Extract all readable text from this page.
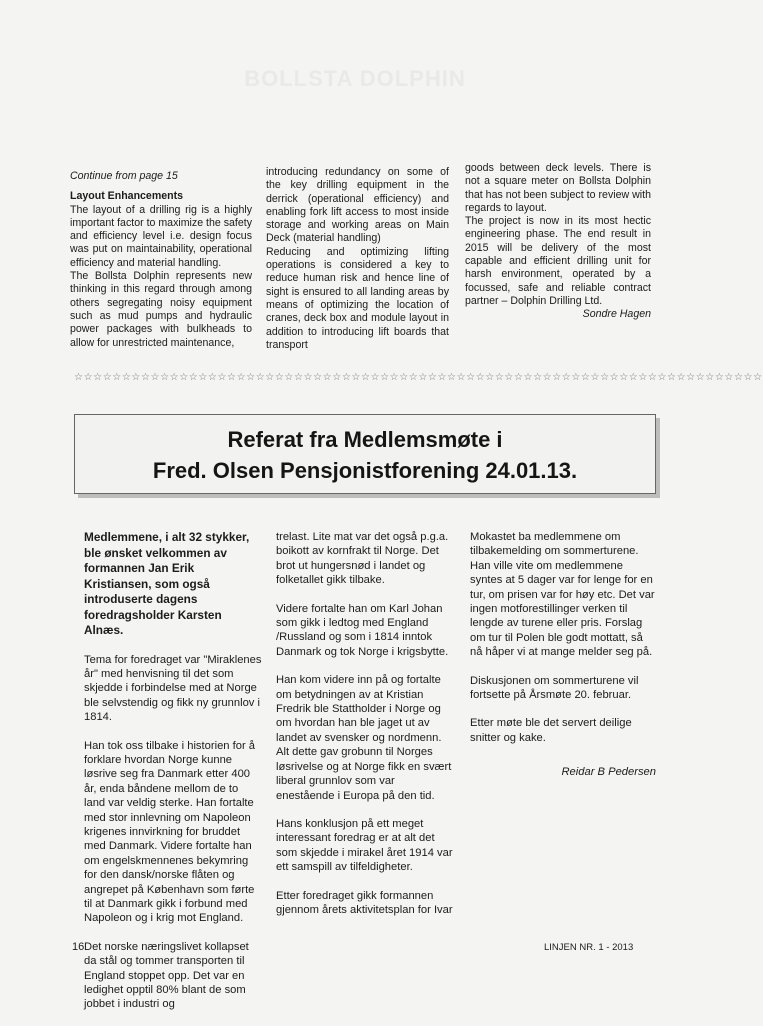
BOLLSTA DOLPHIN

Continue from page 15

Layout Enhancements

The layout of a drilling rig is a highly important factor to maximize the safety and efficiency level i.e. design focus was put on maintainability, operational efficiency and material handling.
The Bollsta Dolphin represents new thinking in this regard through among others segregating noisy equipment such as mud pumps and hydraulic power packages with bulkheads to allow for unrestricted maintenance,

introducing redundancy on some of the key drilling equipment in the derrick (operational efficiency) and enabling fork lift access to most inside storage and working areas on Main Deck (material handling)
Reducing and optimizing lifting operations is considered a key to reduce human risk and hence line of sight is ensured to all landing areas by means of optimizing the location of cranes, deck box and module layout in addition to introducing lift boards that transport

goods between deck levels. There is not a square meter on Bollsta Dolphin that has not been subject to review with regards to layout.
The project is now in its most hectic engineering phase. The end result in 2015 will be delivery of the most capable and efficient drilling unit for harsh environment, operated by a focussed, safe and reliable contract partner – Dolphin Drilling Ltd.

Sondre Hagen

☆☆☆☆☆☆☆☆☆☆☆☆☆☆☆☆☆☆☆☆☆☆☆☆☆☆☆☆☆☆☆☆☆☆☆☆☆☆☆☆☆☆☆☆☆☆☆☆☆☆☆☆☆☆☆☆☆☆☆☆☆☆☆☆☆☆☆☆☆☆☆☆
Referat fra Medlemsmøte i
Fred. Olsen Pensjonistforening 24.01.13.

Medlemmene, i alt 32 stykker, ble ønsket velkommen av formannen Jan Erik Kristiansen, som også introduserte dagens foredragsholder Karsten Alnæs.

Tema for foredraget var "Miraklenes år" med henvisning til det som skjedde i forbindelse med at Norge ble selvstendig og fikk ny grunnlov i 1814.

Han tok oss tilbake i historien for å forklare hvordan Norge kunne løsrive seg fra Danmark etter 400 år, enda båndene mellom de to land var veldig sterke. Han fortalte med stor innlevning om Napoleon krigenes innvirkning for bruddet med Danmark. Videre fortalte han om engelskmennenes bekymring for den dansk/norske flåten og angrepet på København som førte til at Danmark gikk i forbund med Napoleon og i krig mot England.

Det norske næringslivet kollapset da stål og tommer transporten til England stoppet opp. Det var en ledighet opptil 80% blant de som jobbet i industri og

trelast. Lite mat var det også p.g.a. boikott av kornfrakt til Norge. Det brot ut hungersnød i landet og folketallet gikk tilbake.

Videre fortalte han om Karl Johan som gikk i ledtog med England /Russland og som i 1814 inntok Danmark og tok Norge i krigsbytte.

Han kom videre inn på og fortalte om betydningen av at Kristian Fredrik ble Stattholder i Norge og om hvordan han ble jaget ut av landet av svensker og nordmenn. Alt dette gav grobunn til Norges løsrivelse og at Norge fikk en svært liberal grunnlov som var enestående i Europa på den tid.

Hans konklusjon på ett meget interessant foredrag er at alt det som skjedde i mirakel året 1914 var ett samspill av tilfeldigheter.

Etter foredraget gikk formannen gjennom årets aktivitetsplan for Ivar

Mokastet ba medlemmene om tilbakemelding om sommerturene. Han ville vite om medlemmene syntes at 5 dager var for lenge for en tur, om prisen var for høy etc. Det var ingen motforestillinger verken til lengde av turene eller pris. Forslag om tur til Polen ble godt mottatt, så nå håper vi at mange melder seg på.

Diskusjonen om sommerturene vil fortsette på Årsmøte 20. februar.

Etter møte ble det servert deilige snitter og kake.

Reidar B Pedersen

16	LINJEN NR. 1 - 2013
